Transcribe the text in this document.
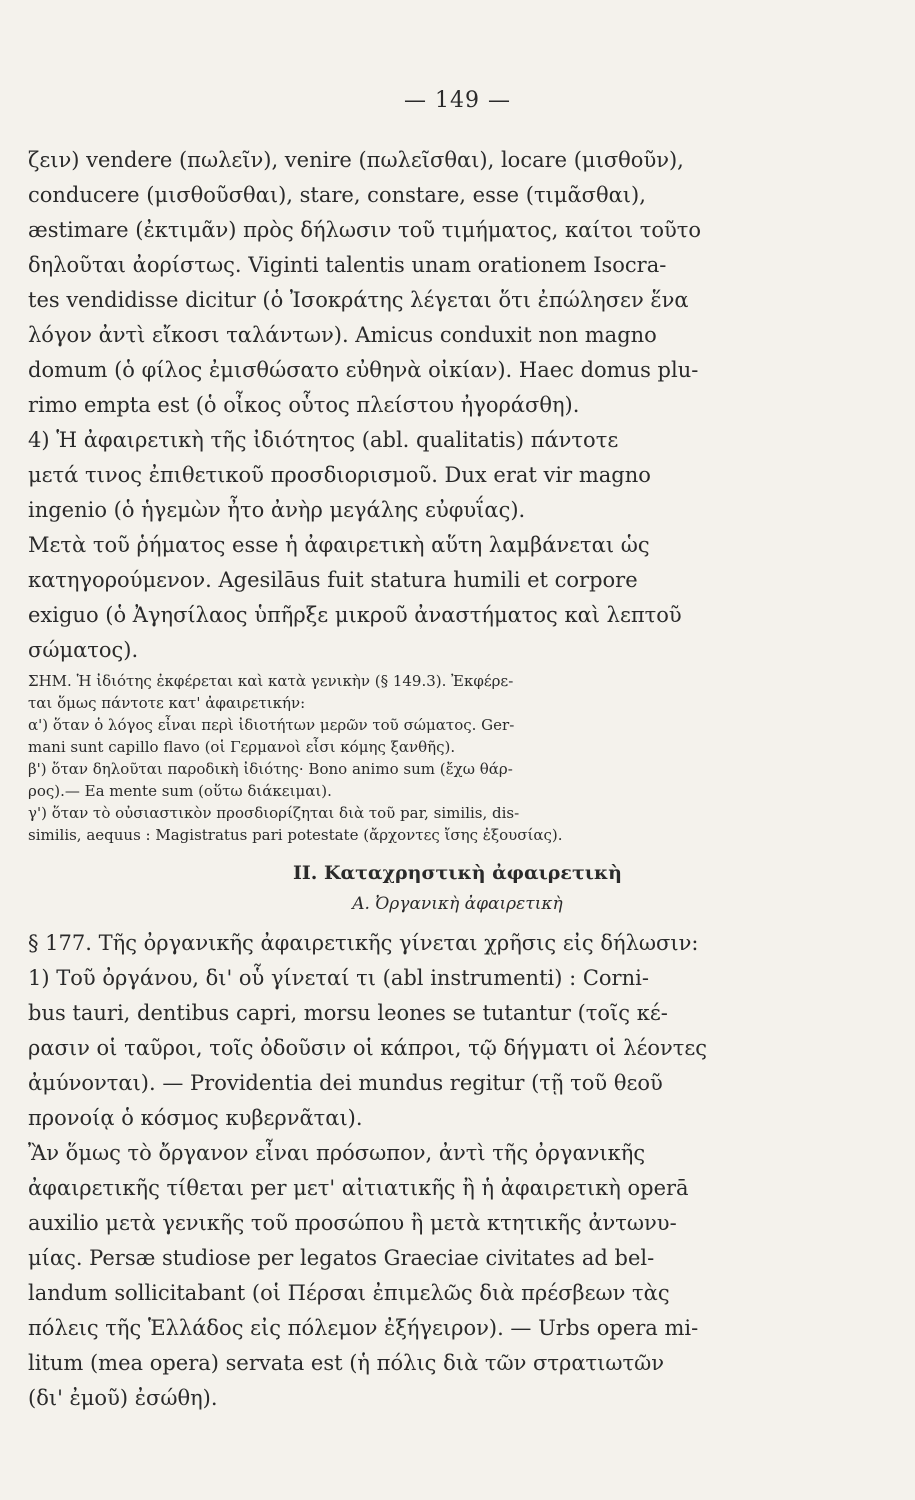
— 149 —
ζειν) vendere (πωλεῖν), venire (πωλεῖσθαι), locare (μισθοῦν),
conducere (μισθοῦσθαι), stare, constare, esse (τιμᾶσθαι),
æstimare (ἐκτιμᾶν) πρὸς δήλωσιν τοῦ τιμήματος, καίτοι τοῦτο
δηλοῦται ἀορίστως. Viginti talentis unam orationem Isocra-
tes vendidisse dicitur (ὁ Ἰσοκράτης λέγεται ὅτι ἐπώλησεν ἕνα
λόγον ἀντὶ εἴκοσι ταλάντων). Amicus conduxit non magno
domum (ὁ φίλος ἐμισθώσατο εὐθηνὰ οἰκίαν). Haec domus plu-
rimo empta est (ὁ οἶκος οὗτος πλείστου ἠγοράσθη).
4) Ἡ ἀφαιρετικὴ τῆς ἰδιότητος (abl. qualitatis) πάντοτε
μετά τινος ἐπιθετικοῦ προσδιορισμοῦ. Dux erat vir magno
ingenio (ὁ ἡγεμὼν ἦτο ἀνὴρ μεγάλης εὐφυΐας).
Μετὰ τοῦ ῥήματος esse ἡ ἀφαιρετικὴ αὕτη λαμβάνεται ὡς
κατηγορούμενον. Agesilāus fuit statura humili et corpore
exiguo (ὁ Ἀγησίλαος ὑπῆρξε μικροῦ ἀναστήματος καὶ λεπτοῦ
σώματος).
ΣΗΜ. Ἡ ἰδιότης ἐκφέρεται καὶ κατὰ γενικὴν (§ 149.3). Ἐκφέρε-
ται ὅμως πάντοτε κατ' ἀφαιρετικήν:
α') ὅταν ὁ λόγος εἶναι περὶ ἰδιοτήτων μερῶν τοῦ σώματος. Ger-
mani sunt capillo flavo (οἱ Γερμανοὶ εἶσι κόμης ξανθῆς).
β') ὅταν δηλοῦται παροδικὴ ἰδιότης· Bono animo sum (ἔχω θάρ-
ρος).— Ea mente sum (οὕτω διάκειμαι).
γ') ὅταν τὸ οὐσιαστικὸν προσδιορίζηται διὰ τοῦ par, similis, dis-
similis, aequus : Magistratus pari potestate (ἄρχοντες ἴσης ἐξουσίας).
II. Καταχρηστικὴ ἀφαιρετικὴ
A. Ὀργανικὴ ἀφαιρετικὴ
§ 177. Τῆς ὀργανικῆς ἀφαιρετικῆς γίνεται χρῆσις εἰς δήλωσιν:
1) Τοῦ ὀργάνου, δι' οὗ γίνεταί τι (abl instrumenti) : Corni-
bus tauri, dentibus capri, morsu leones se tutantur (τοῖς κέ-
ρασιν οἱ ταῦροι, τοῖς ὀδοῦσιν οἱ κάπροι, τῷ δήγματι οἱ λέοντες
ἀμύνονται). — Providentia dei mundus regitur (τῇ τοῦ θεοῦ
προνοίᾳ ὁ κόσμος κυβερνᾶται).
Ἂν ὅμως τὸ ὄργανον εἶναι πρόσωπον, ἀντὶ τῆς ὀργανικῆς
ἀφαιρετικῆς τίθεται per μετ' αἰτιατικῆς ἢ ἡ ἀφαιρετικὴ operā
auxilio μετὰ γενικῆς τοῦ προσώπου ἢ μετὰ κτητικῆς ἀντωνυ-
μίας. Persæ studiose per legatos Graeciae civitates ad bel-
landum sollicitabant (οἱ Πέρσαι ἐπιμελῶς διὰ πρέσβεων τὰς
πόλεις τῆς Ἑλλάδος εἰς πόλεμον ἐξήγειρον). — Urbs opera mi-
litum (mea opera) servata est (ἡ πόλις διὰ τῶν στρατιωτῶν
(δι' ἐμοῦ) ἐσώθη).
